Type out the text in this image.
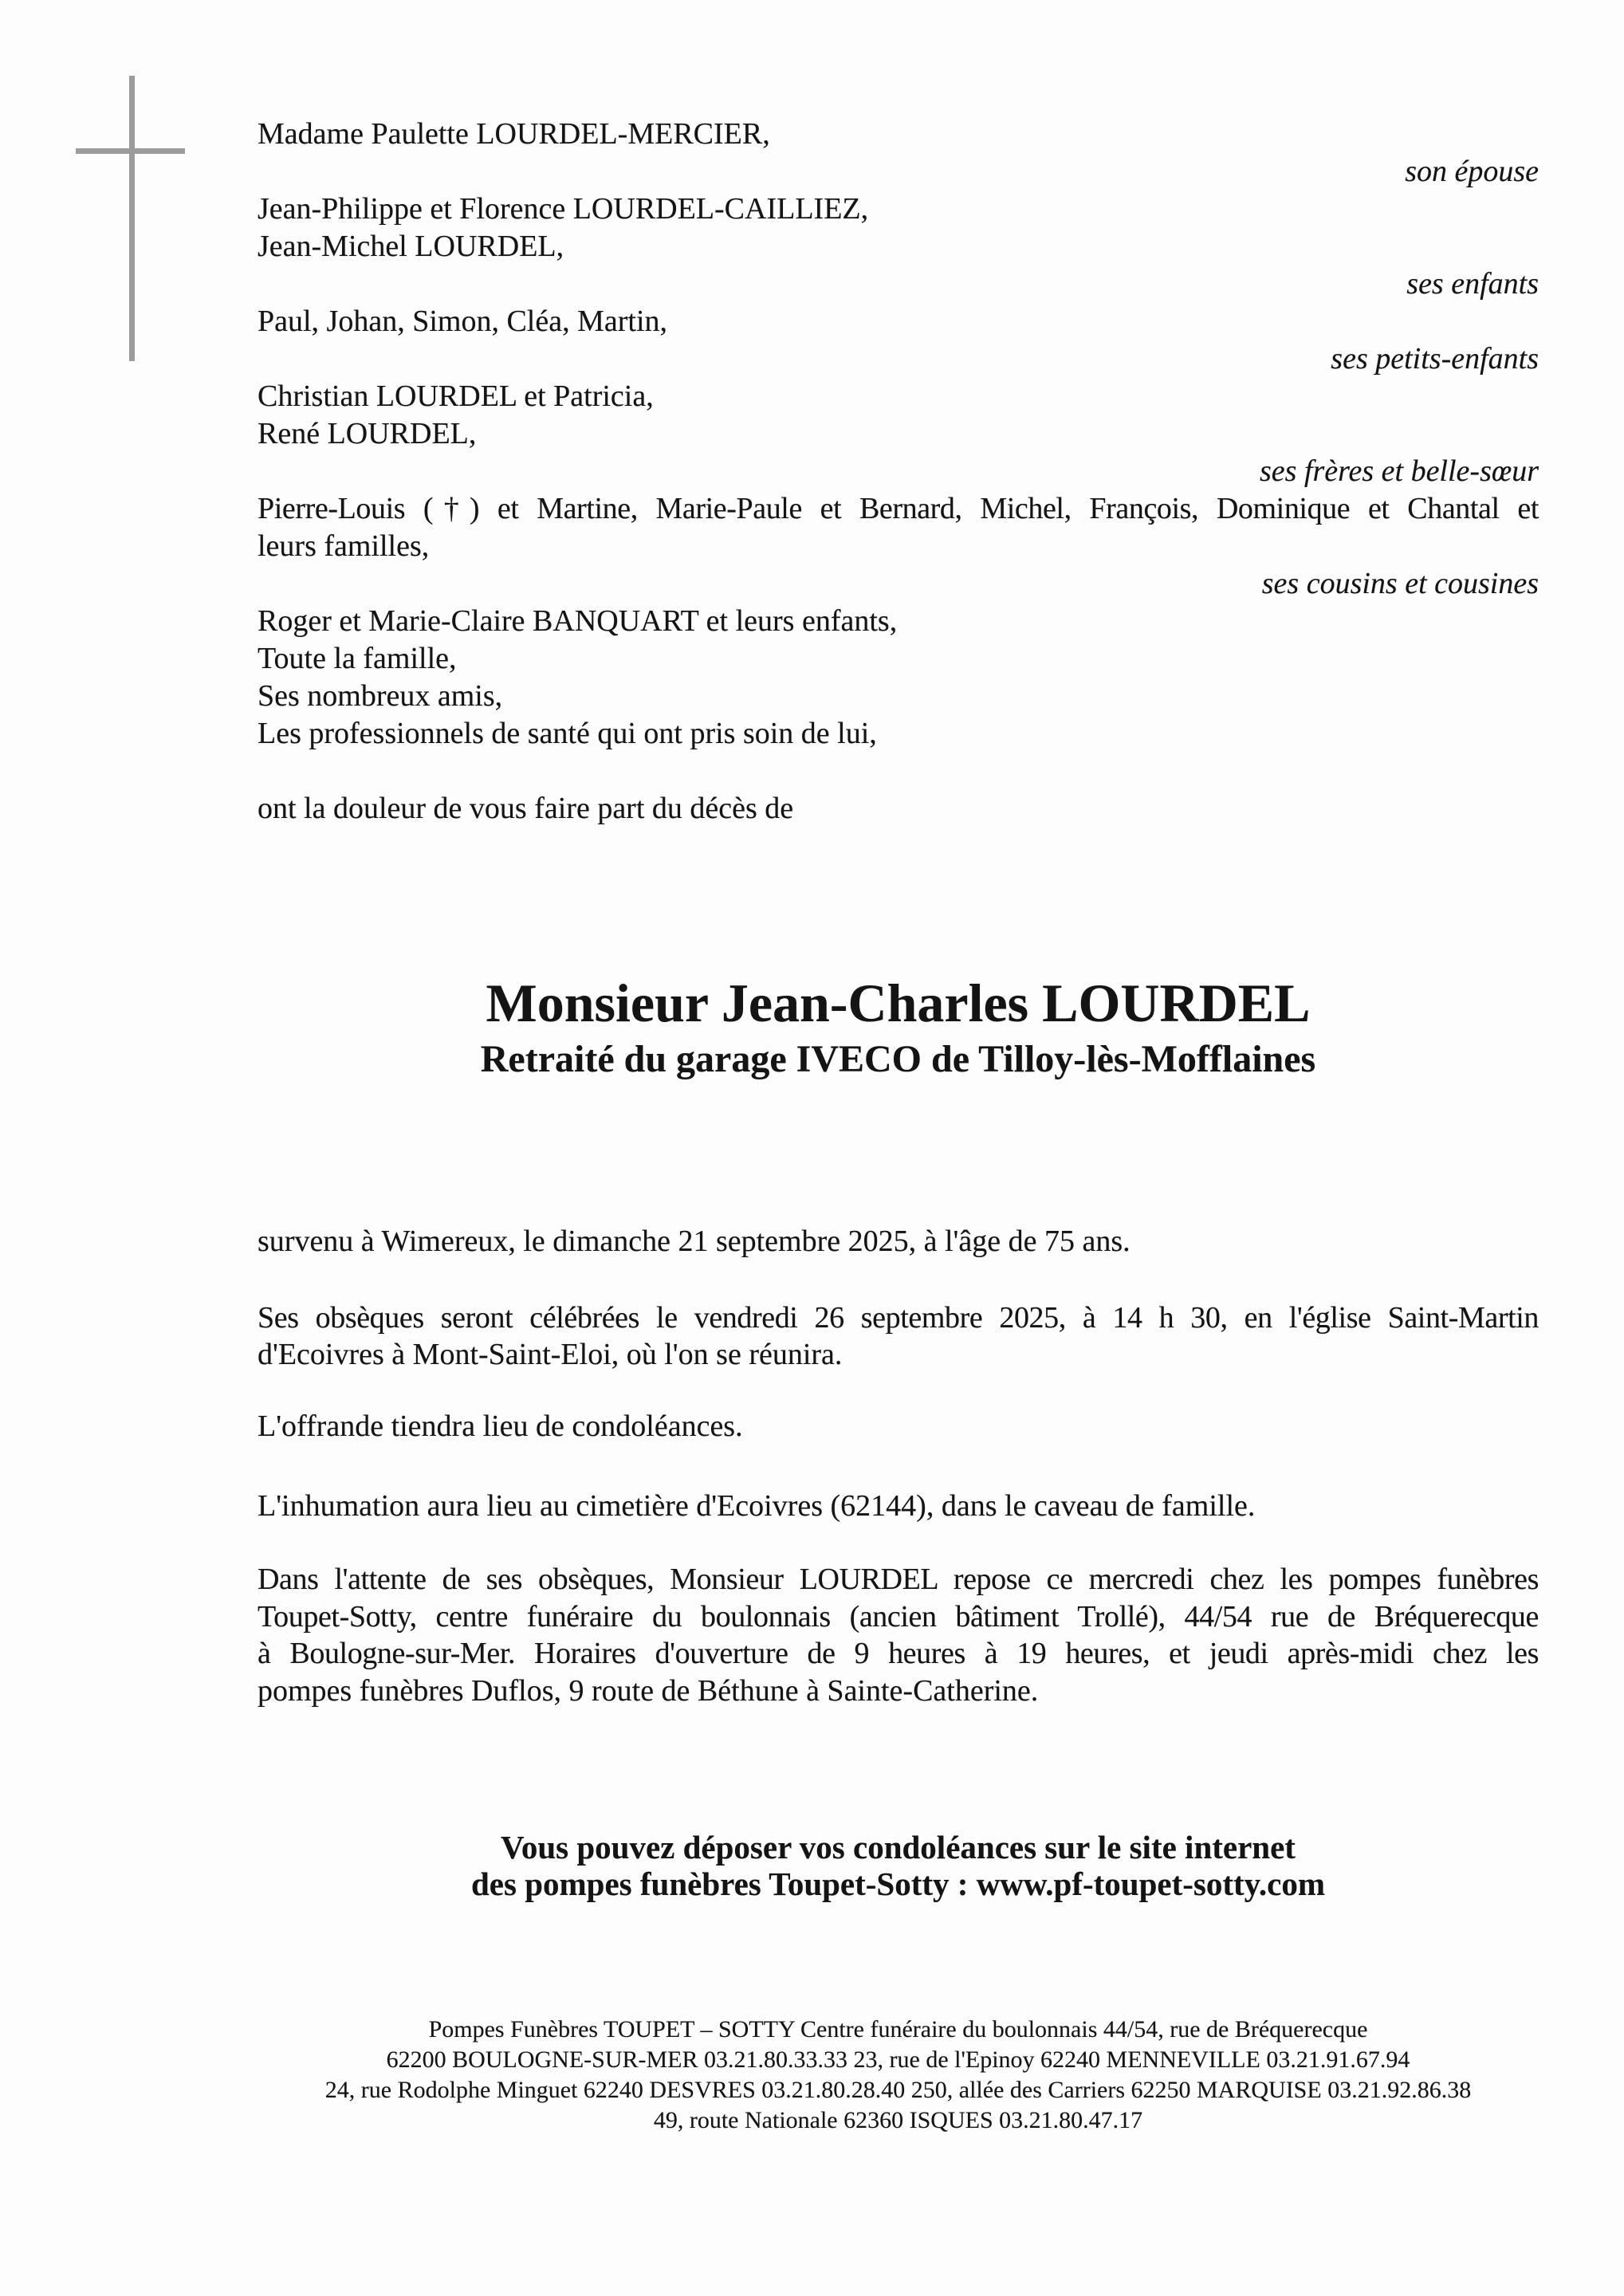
Madame Paulette LOURDEL-MERCIER,
son épouse
Jean-Philippe et Florence LOURDEL-CAILLIEZ,
Jean-Michel LOURDEL,
ses enfants
Paul, Johan, Simon, Cléa, Martin,
ses petits-enfants
Christian LOURDEL et Patricia,
René LOURDEL,
ses frères et belle-sœur
Pierre-Louis (†) et Martine, Marie-Paule et Bernard, Michel, François, Dominique et Chantal et
leurs familles,
ses cousins et cousines
Roger et Marie-Claire BANQUART et leurs enfants,
Toute la famille,
Ses nombreux amis,
Les professionnels de santé qui ont pris soin de lui,
ont la douleur de vous faire part du décès de
Monsieur Jean-Charles LOURDEL
Retraité du garage IVECO de Tilloy-lès-Mofflaines
survenu à Wimereux, le dimanche 21 septembre 2025, à l'âge de 75 ans.
Ses obsèques seront célébrées le vendredi 26 septembre 2025, à 14 h 30, en l'église Saint-Martin
d'Ecoivres à Mont-Saint-Eloi, où l'on se réunira.
L'offrande tiendra lieu de condoléances.
L'inhumation aura lieu au cimetière d'Ecoivres (62144), dans le caveau de famille.
Dans l'attente de ses obsèques, Monsieur LOURDEL repose ce mercredi chez les pompes funèbres
Toupet-Sotty, centre funéraire du boulonnais (ancien bâtiment Trollé), 44/54 rue de Bréquerecque
à Boulogne-sur-Mer. Horaires d'ouverture de 9 heures à 19 heures, et jeudi après-midi chez les
pompes funèbres Duflos, 9 route de Béthune à Sainte-Catherine.
Vous pouvez déposer vos condoléances sur le site internet
des pompes funèbres Toupet-Sotty : www.pf-toupet-sotty.com
Pompes Funèbres TOUPET – SOTTY Centre funéraire du boulonnais 44/54, rue de Bréquerecque
62200 BOULOGNE-SUR-MER 03.21.80.33.33 23, rue de l'Epinoy 62240 MENNEVILLE 03.21.91.67.94
24, rue Rodolphe Minguet 62240 DESVRES 03.21.80.28.40 250, allée des Carriers 62250 MARQUISE 03.21.92.86.38
49, route Nationale 62360 ISQUES 03.21.80.47.17
